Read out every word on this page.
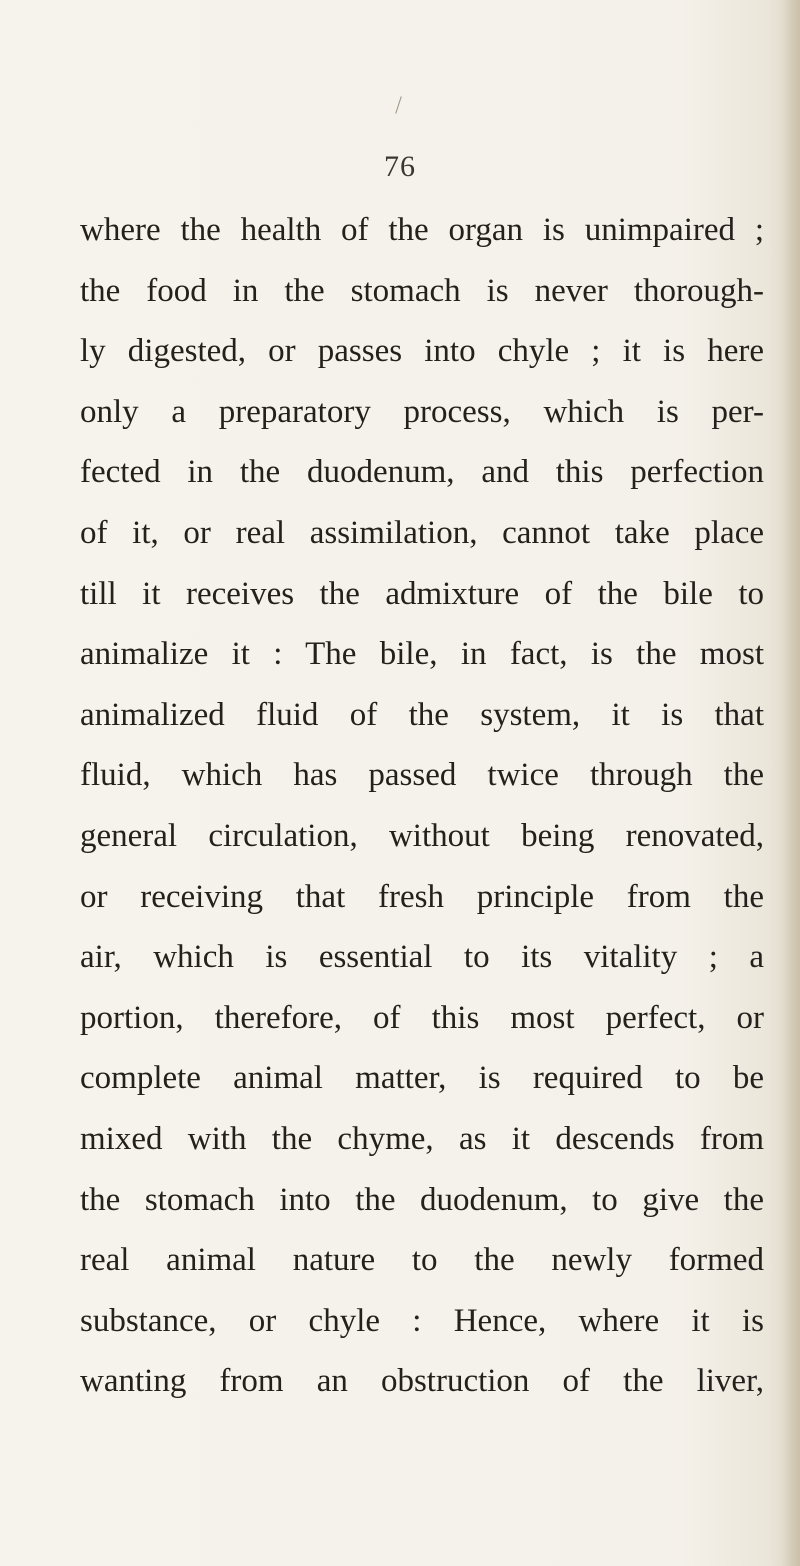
76
where the health of the organ is unimpaired ;
the food in the stomach is never thorough-
ly digested, or passes into chyle ; it is here
only a preparatory process, which is per-
fected in the duodenum, and this perfection
of it, or real assimilation, cannot take place
till it receives the admixture of the bile to
animalize it : The bile, in fact, is the most
animalized fluid of the system, it is that
fluid, which has passed twice through the
general circulation, without being renovated,
or receiving that fresh principle from the
air, which is essential to its vitality ; a
portion, therefore, of this most perfect, or
complete animal matter, is required to be
mixed with the chyme, as it descends from
the stomach into the duodenum, to give the
real animal nature to the newly formed
substance, or chyle : Hence, where it is
wanting from an obstruction of the liver,
